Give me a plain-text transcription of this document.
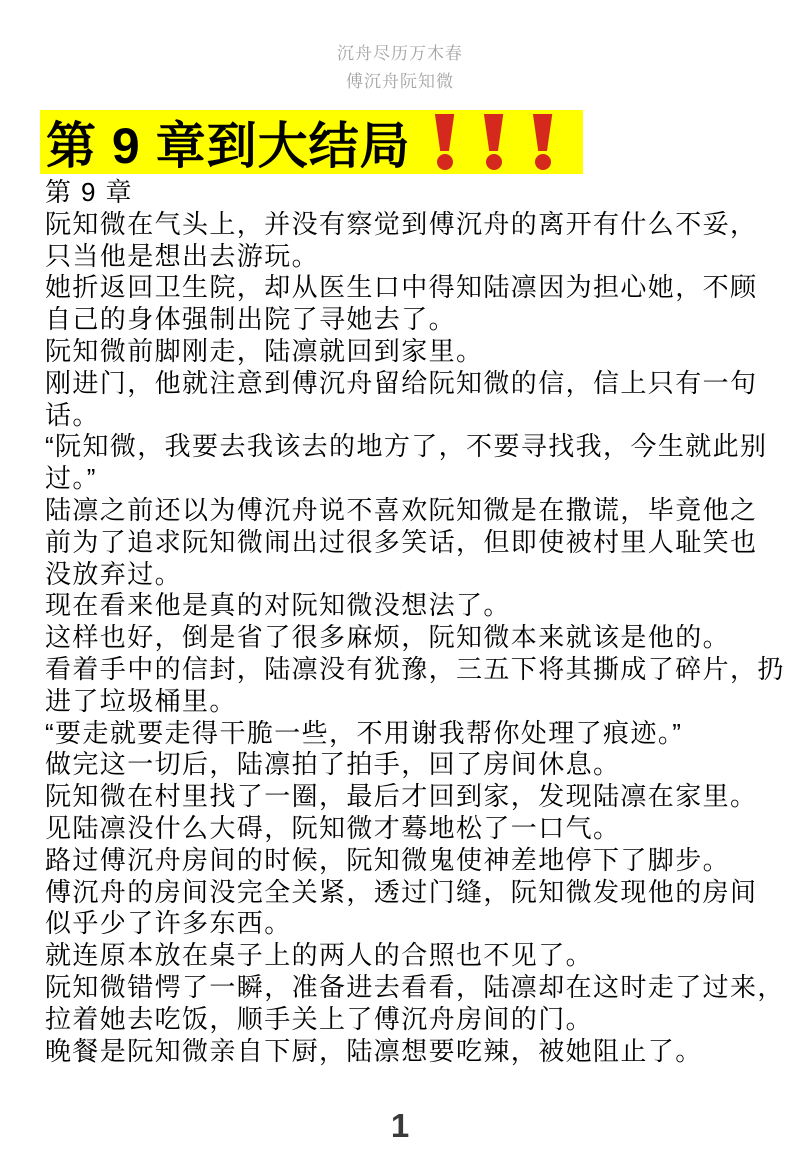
沉舟尽历万木春
傅沉舟阮知微
第 9 章到大结局
第 9 章
阮知微在气头上，并没有察觉到傅沉舟的离开有什么不妥，
只当他是想出去游玩。
她折返回卫生院，却从医生口中得知陆凛因为担心她，不顾
自己的身体强制出院了寻她去了。
阮知微前脚刚走，陆凛就回到家里。
刚进门，他就注意到傅沉舟留给阮知微的信，信上只有一句
话。
“阮知微，我要去我该去的地方了，不要寻找我，今生就此别
过。”
陆凛之前还以为傅沉舟说不喜欢阮知微是在撒谎，毕竟他之
前为了追求阮知微闹出过很多笑话，但即使被村里人耻笑也
没放弃过。
现在看来他是真的对阮知微没想法了。
这样也好，倒是省了很多麻烦，阮知微本来就该是他的。
看着手中的信封，陆凛没有犹豫，三五下将其撕成了碎片，扔
进了垃圾桶里。
“要走就要走得干脆一些，不用谢我帮你处理了痕迹。”
做完这一切后，陆凛拍了拍手，回了房间休息。
阮知微在村里找了一圈，最后才回到家，发现陆凛在家里。
见陆凛没什么大碍，阮知微才蓦地松了一口气。
路过傅沉舟房间的时候，阮知微鬼使神差地停下了脚步。
傅沉舟的房间没完全关紧，透过门缝，阮知微发现他的房间
似乎少了许多东西。
就连原本放在桌子上的两人的合照也不见了。
阮知微错愕了一瞬，准备进去看看，陆凛却在这时走了过来，
拉着她去吃饭，顺手关上了傅沉舟房间的门。
晚餐是阮知微亲自下厨，陆凛想要吃辣，被她阻止了。
1
